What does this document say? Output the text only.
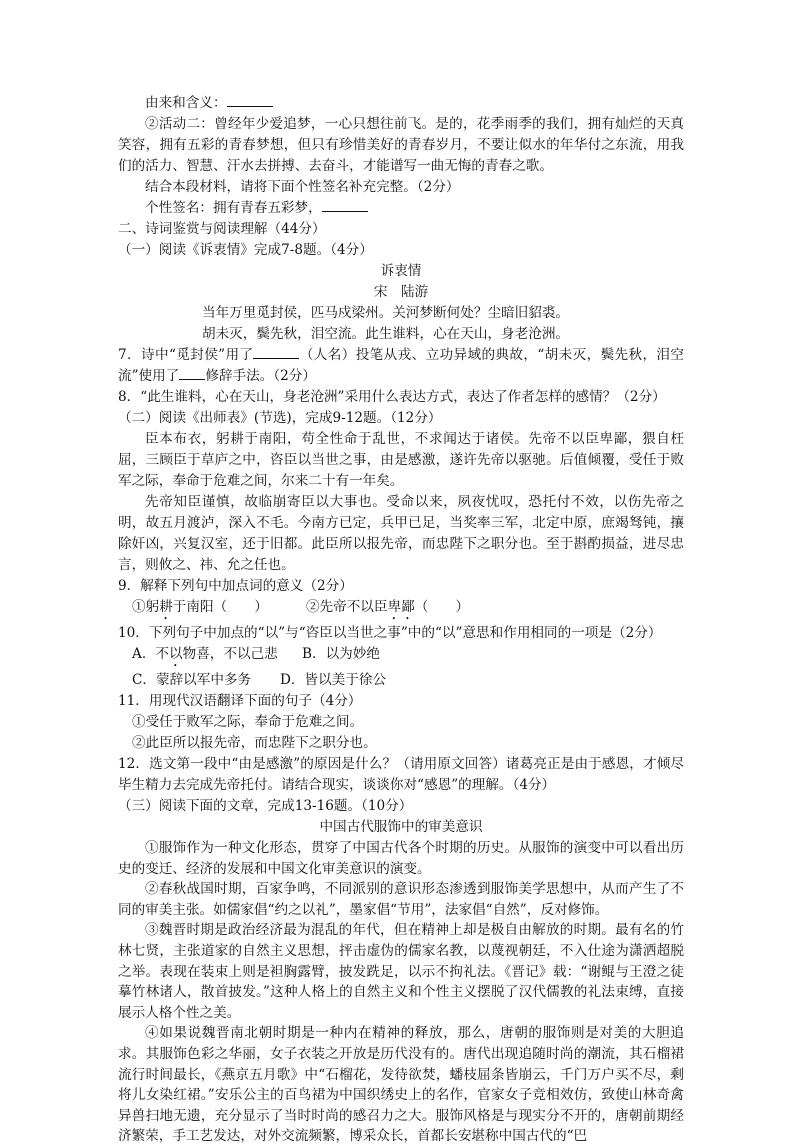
由来和含义：
②活动二：曾经年少爱追梦，一心只想往前飞。是的，花季雨季的我们，拥有灿烂的天真笑容，拥有五彩的青春梦想，但只有珍惜美好的青春岁月，不要让似水的年华付之东流，用我们的活力、智慧、汗水去拼搏、去奋斗，才能谱写一曲无悔的青春之歌。
结合本段材料，请将下面个性签名补充完整。（2分）
个性签名：拥有青春五彩梦，
二、诗词鉴赏与阅读理解（44分）
（一）阅读《诉衷情》完成7-8题。（4分）
诉衷情
宋　陆游
当年万里觅封侯，匹马戍梁州。关河梦断何处？尘暗旧貂裘。
胡未灭，鬓先秋，泪空流。此生谁料，心在天山，身老沧洲。
7．诗中“觅封侯”用了	（人名）投笔从戎、立功异域的典故，“胡未灭，鬓先秋，泪空流”使用了 修辞手法。（2分）
8．“此生谁料，心在天山，身老沧洲”采用什么表达方式，表达了作者怎样的感情？（2分）
（二）阅读《出师表》(节选)，完成9-12题。（12分）
臣本布衣，躬耕于南阳，苟全性命于乱世，不求闻达于诸侯。先帝不以臣卑鄙，猥自枉屈，三顾臣于草庐之中，咨臣以当世之事，由是感激，遂许先帝以驱驰。后值倾覆，受任于败军之际，奉命于危难之间，尔来二十有一年矣。
先帝知臣谨慎，故临崩寄臣以大事也。受命以来，夙夜忧叹，恐托付不效，以伤先帝之明，故五月渡泸，深入不毛。今南方已定，兵甲已足，当奖率三军，北定中原，庶竭驽钝，攘除奸凶，兴复汉室，还于旧都。此臣所以报先帝，而忠陛下之职分也。至于斟酌损益，进尽忠言，则攸之、祎、允之任也。
9．解释下列句中加点词的意义（2分）
①躬耕于南阳（　　）	②先帝不以臣卑鄙（　　）
10．下列句子中加点的“以”与“咨臣以当世之事”中的“以”意思和作用相同的一项是（2分）
A．不以物喜，不以己悲 B．以为妙绝
C．蒙辞以军中多务 D．皆以美于徐公
11．用现代汉语翻译下面的句子（4分）
①受任于败军之际，奉命于危难之间。
②此臣所以报先帝，而忠陛下之职分也。
12．选文第一段中“由是感激”的原因是什么？（请用原文回答）诸葛亮正是由于感恩，才倾尽毕生精力去完成先帝托付。请结合现实，谈谈你对“感恩”的理解。（4分）
（三）阅读下面的文章，完成13-16题。（10分）
中国古代服饰中的审美意识
①服饰作为一种文化形态，贯穿了中国古代各个时期的历史。从服饰的演变中可以看出历史的变迁、经济的发展和中国文化审美意识的演变。
②春秋战国时期，百家争鸣，不同派别的意识形态渗透到服饰美学思想中，从而产生了不同的审美主张。如儒家倡“约之以礼”，墨家倡“节用”，法家倡“自然”，反对修饰。
③魏晋时期是政治经济最为混乱的年代，但在精神上却是极自由解放的时期。最有名的竹林七贤，主张道家的自然主义思想，抨击虚伪的儒家名教，以蔑视朝廷，不入仕途为潇洒超脱之举。表现在装束上则是袒胸露臂，披发跣足，以示不拘礼法。《晋记》载：“谢鲲与王澄之徒摹竹林诸人，散首披发。”这种人格上的自然主义和个性主义摆脱了汉代儒教的礼法束缚，直接展示人格个性之美。
④如果说魏晋南北朝时期是一种内在精神的释放，那么，唐朝的服饰则是对美的大胆追求。其服饰色彩之华丽，女子衣装之开放是历代没有的。唐代出现追随时尚的潮流，其石榴裙流行时间最长，《燕京五月歌》中“石榴花，发待欲焚，蟠枝屈条皆崩云，千门万户买不尽，剩将儿女染红裙。”安乐公主的百鸟裙为中国织绣史上的名作，官家女子竞相效仿，致使山林奇禽异兽扫地无遗，充分显示了当时时尚的感召力之大。服饰风格是与现实分不开的，唐朝前期经济繁荣，手工艺发达，对外交流频繁，博采众长，首都长安堪称中国古代的“巴
